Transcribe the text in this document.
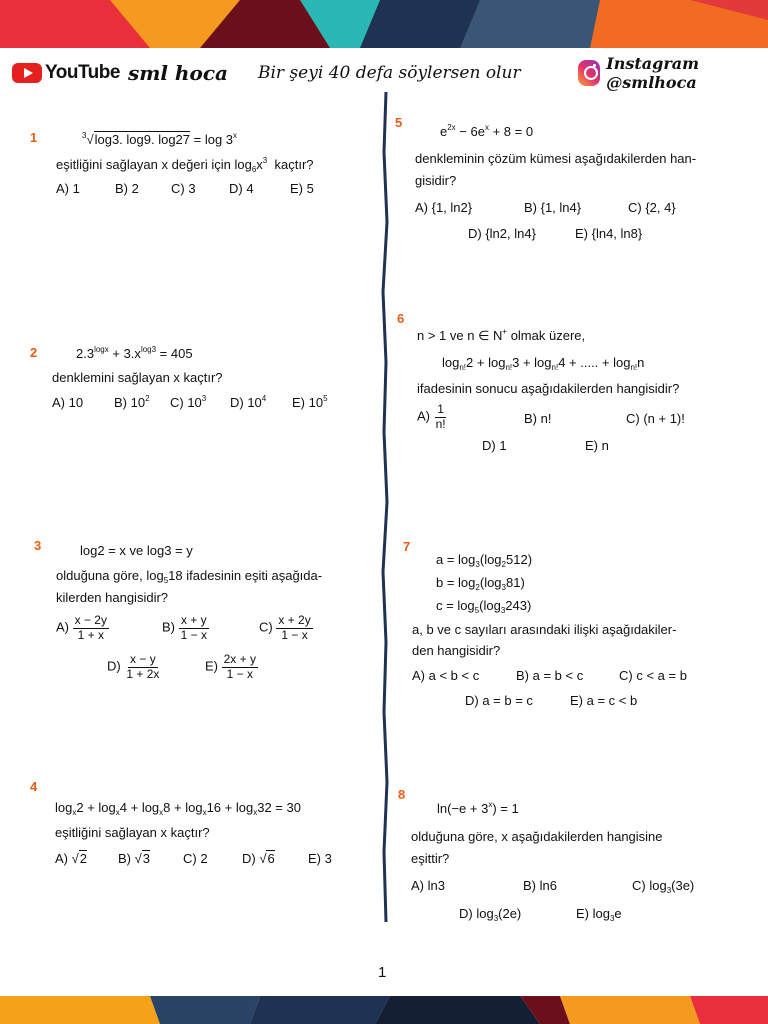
YouTube sml hoca Bir şeyi 40 defa söylersen olur	Instagram @smlhoca
1	$^3$√log3. log9. log27 = log 3$^x$
eşitliğini sağlayan x değeri için $\log_6x^3$ kaçtır?
A) 1	B) 2 C) 3	D) 4	E) 5
2	$2.3^{logx} + 3.x^{log3} = 405$
denklemini sağlayan x kaçtır?
A) 10 B) $10^2$ C) $10^3$ D) $10^4$ E) $10^5$
3	log2 = x ve log3 = y
olduğuna göre, $\log_518$ ifadesinin eşiti aşağıda-
kilerden hangisidir?
$A) \frac{x - 2y}{1 + x}$	$B) \frac{x + y}{1 - x}$	$C) \frac{x + 2y}{1 - x}$
$D) \frac{x - y}{1 + 2x}$	$E) \frac{2x + y}{1 - x}$
4
$\log_x2 + \log_x4 + \log_x8 + \log_x16 + \log_x32 = 30$
eşitliğini sağlayan x kaçtır?
A) √2 B) √3	C) 2	D) √6	E) 3
5
$e^{2x} - 6e^x + 8 = 0$
denkleminin çözüm kümesi aşağıdakilerden han-
gisidir?
A) {1, ln2}	B) {1, ln4}	C) {2, 4}
D) {ln2, ln4}	E) {ln4, ln8}
6
n > 1 ve n ∈ N+ olmak üzere,
$\log_{n!}2 + \log_{n!}3 + \log_{n!}4$ + ..... + $\log_{n!}n$
ifadesinin sonucu aşağıdakilerden hangisidir?
$A) \frac{1}{n!}$	B) n!	C) (n + 1)!
D) 1	E) n
7
$a = \log_3(\log_2512)$
$b = \log_2(\log_381)$
$c = \log_5(\log_3243)$
a, b ve c sayıları arasındaki ilişki aşağıdakiler-
den hangisidir?
A) a < b < c	B) a = b < c	C) c < a = b
D) a = b = c	E) a = c < b
8
$\ln(-e + 3^x) = 1$
olduğuna göre, x aşağıdakilerden hangisine
eşittir?
A) ln3	B) ln6	C) $\log_3(3e)$
D) $\log_3(2e)$	E) $\log_3e$
1
